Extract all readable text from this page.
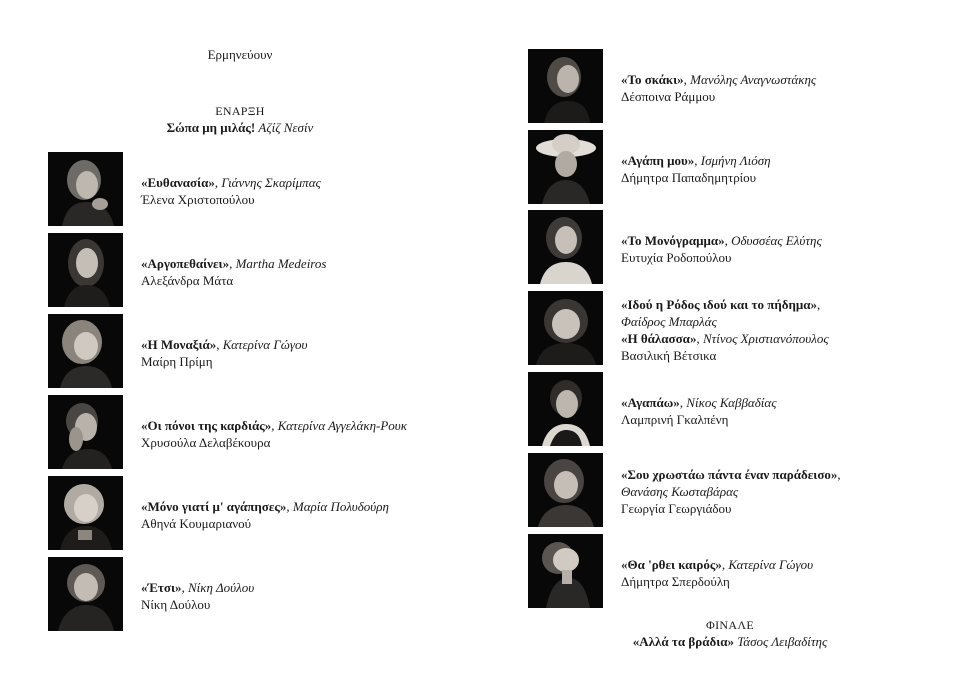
Ερμηνεύουν
ΕΝΑΡΞΗ
Σώπα μη μιλάς! Αζίζ Νεσίν
«Ευθανασία», Γιάννης Σκαρίμπας
Έλενα Χριστοπούλου
«Αργοπεθαίνει», Martha Medeiros
Αλεξάνδρα Μάτα
«Η Μοναξιά», Κατερίνα Γώγου
Μαίρη Πρίμη
«Οι πόνοι της καρδιάς», Κατερίνα Αγγελάκη-Ρουκ
Χρυσούλα Δελαβέκουρα
«Μόνο γιατί μ' αγάπησες», Μαρία Πολυδούρη
Αθηνά Κουμαριανού
«Έτσι», Νίκη Δούλου
Νίκη Δούλου
«Το σκάκι», Μανόλης Αναγνωστάκης
Δέσποινα Ράμμου
«Αγάπη μου», Ισμήνη Λιόση
Δήμητρα Παπαδημητρίου
«Το Μονόγραμμα», Οδυσσέας Ελύτης
Ευτυχία Ροδοπούλου
«Ιδού η Ρόδος ιδού και το πήδημα»,
Φαίδρος Μπαρλάς
«Η θάλασσα», Ντίνος Χριστιανόπουλος
Βασιλική Βέτσικα
«Αγαπάω», Νίκος Καββαδίας
Λαμπρινή Γκαλπένη
«Σου χρωστάω πάντα έναν παράδεισο»,
Θανάσης Κωσταβάρας
Γεωργία Γεωργιάδου
«Θα 'ρθει καιρός», Κατερίνα Γώγου
Δήμητρα Σπερδούλη
ΦΙΝΑΛΕ
«Αλλά τα βράδια» Τάσος Λειβαδίτης
